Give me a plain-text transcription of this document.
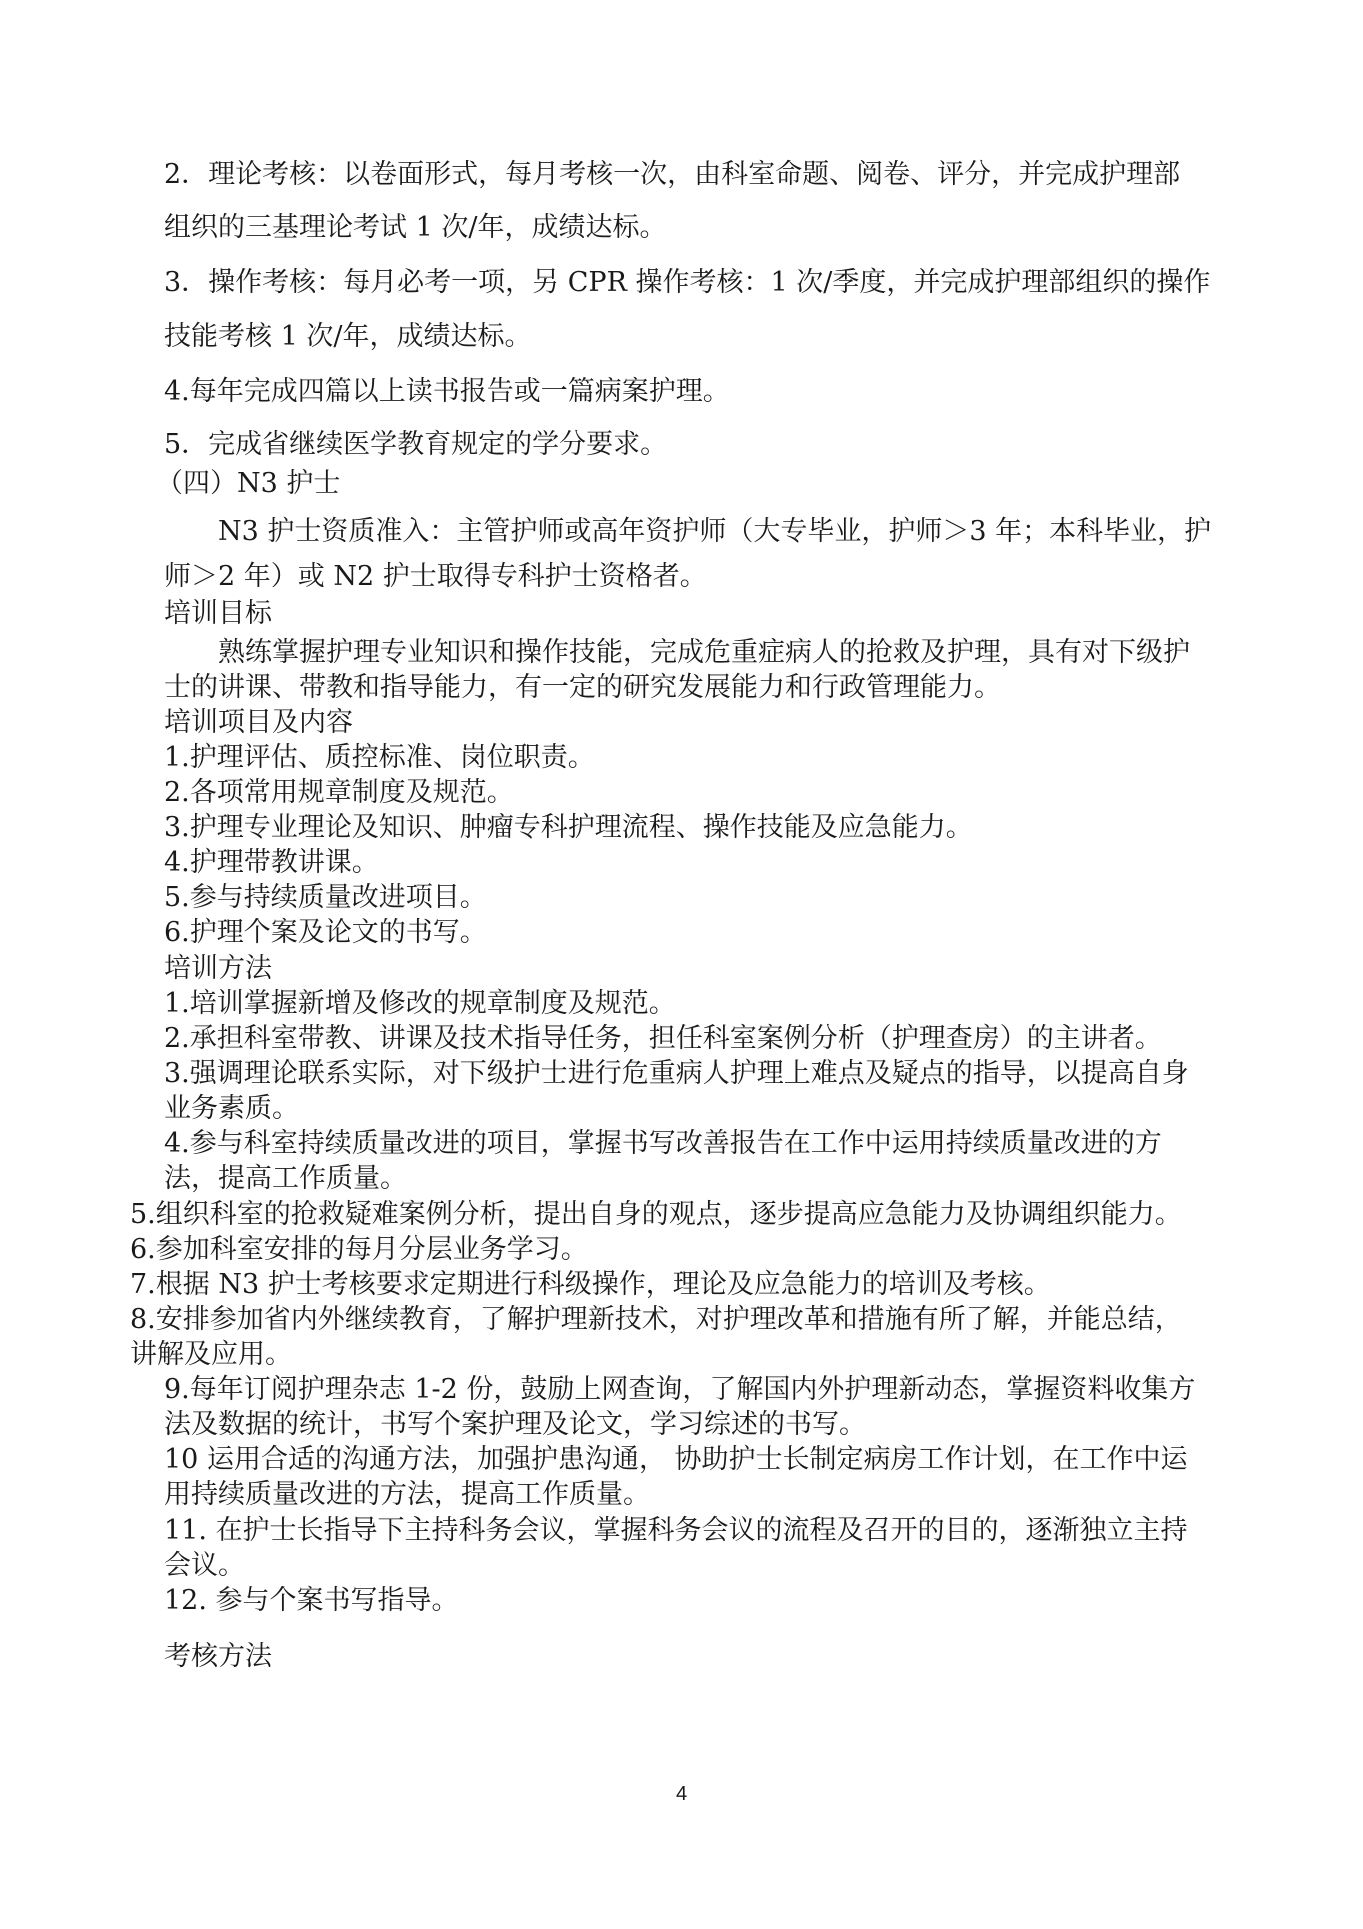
2．理论考核：以卷面形式，每月考核一次，由科室命题、阅卷、评分，并完成护理部
组织的三基理论考试 1 次/年，成绩达标。
3．操作考核：每月必考一项，另 CPR 操作考核：1 次/季度，并完成护理部组织的操作
技能考核 1 次/年，成绩达标。
4.每年完成四篇以上读书报告或一篇病案护理。
5．完成省继续医学教育规定的学分要求。
（四）N3 护士
N3 护士资质准入：主管护师或高年资护师（大专毕业，护师＞3 年；本科毕业，护
师＞2 年）或 N2 护士取得专科护士资格者。
培训目标
熟练掌握护理专业知识和操作技能，完成危重症病人的抢救及护理，具有对下级护
士的讲课、带教和指导能力，有一定的研究发展能力和行政管理能力。
培训项目及内容
1.护理评估、质控标准、岗位职责。
2.各项常用规章制度及规范。
3.护理专业理论及知识、肿瘤专科护理流程、操作技能及应急能力。
4.护理带教讲课。
5.参与持续质量改进项目。
6.护理个案及论文的书写。
培训方法
1.培训掌握新增及修改的规章制度及规范。
2.承担科室带教、讲课及技术指导任务，担任科室案例分析（护理查房）的主讲者。
3.强调理论联系实际，对下级护士进行危重病人护理上难点及疑点的指导，以提高自身
业务素质。
4.参与科室持续质量改进的项目，掌握书写改善报告在工作中运用持续质量改进的方
法，提高工作质量。
5.组织科室的抢救疑难案例分析，提出自身的观点，逐步提高应急能力及协调组织能力。
6.参加科室安排的每月分层业务学习。
7.根据 N3 护士考核要求定期进行科级操作，理论及应急能力的培训及考核。
8.安排参加省内外继续教育，了解护理新技术，对护理改革和措施有所了解，并能总结，
讲解及应用。
9.每年订阅护理杂志 1-2 份，鼓励上网查询，了解国内外护理新动态，掌握资料收集方
法及数据的统计，书写个案护理及论文，学习综述的书写。
10 运用合适的沟通方法，加强护患沟通， 协助护士长制定病房工作计划，在工作中运
用持续质量改进的方法，提高工作质量。
11. 在护士长指导下主持科务会议，掌握科务会议的流程及召开的目的，逐渐独立主持
会议。
12. 参与个案书写指导。
考核方法
4
